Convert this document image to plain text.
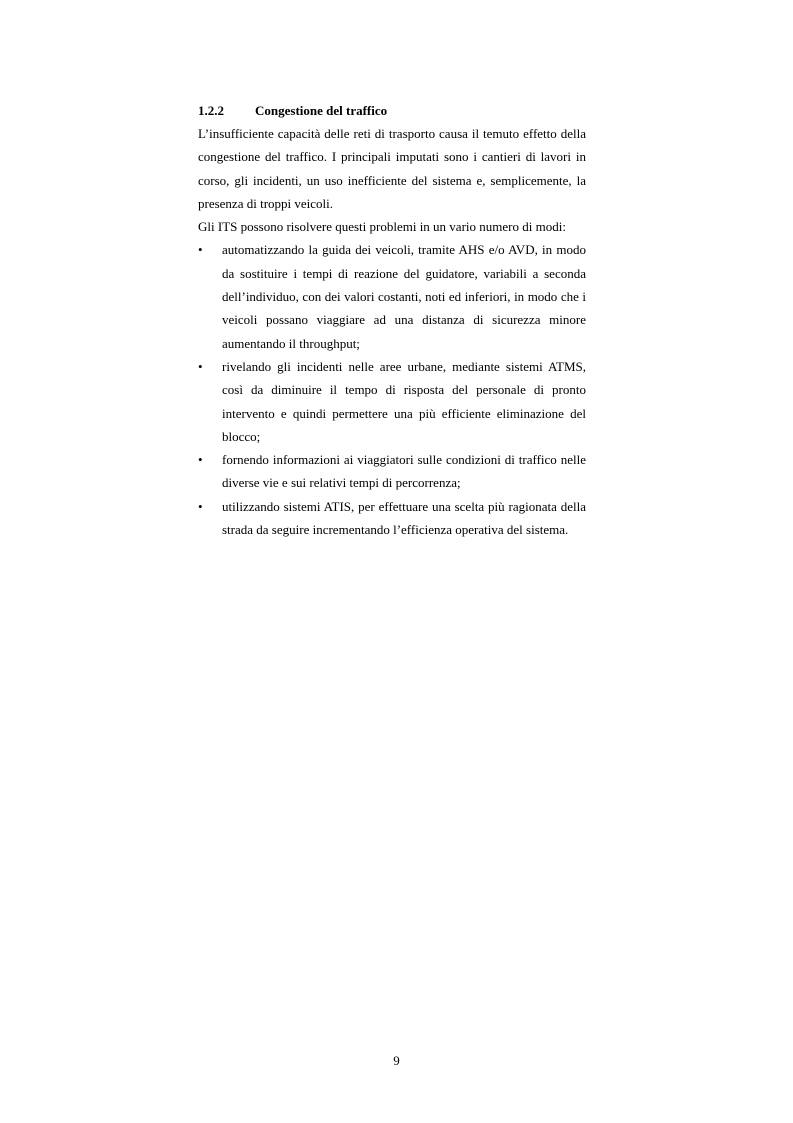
1.2.2 Congestione del traffico

L’insufficiente capacità delle reti di trasporto causa il temuto effetto della congestione del traffico. I principali imputati sono i cantieri di lavori in corso, gli incidenti, un uso inefficiente del sistema e, semplicemente, la presenza di troppi veicoli.

Gli ITS possono risolvere questi problemi in un vario numero di modi:

•	automatizzando la guida dei veicoli, tramite AHS e/o AVD, in modo da sostituire i tempi di reazione del guidatore, variabili a seconda dell’individuo, con dei valori costanti, noti ed inferiori, in modo che i veicoli possano viaggiare ad una distanza di sicurezza minore aumentando il throughput;
•	rivelando gli incidenti nelle aree urbane, mediante sistemi ATMS, così da diminuire il tempo di risposta del personale di pronto intervento e quindi permettere una più efficiente eliminazione del blocco;
•	fornendo informazioni ai viaggiatori sulle condizioni di traffico nelle diverse vie e sui relativi tempi di percorrenza;
•	utilizzando sistemi ATIS, per effettuare una scelta più ragionata della strada da seguire incrementando l’efficienza operativa del sistema.
9
